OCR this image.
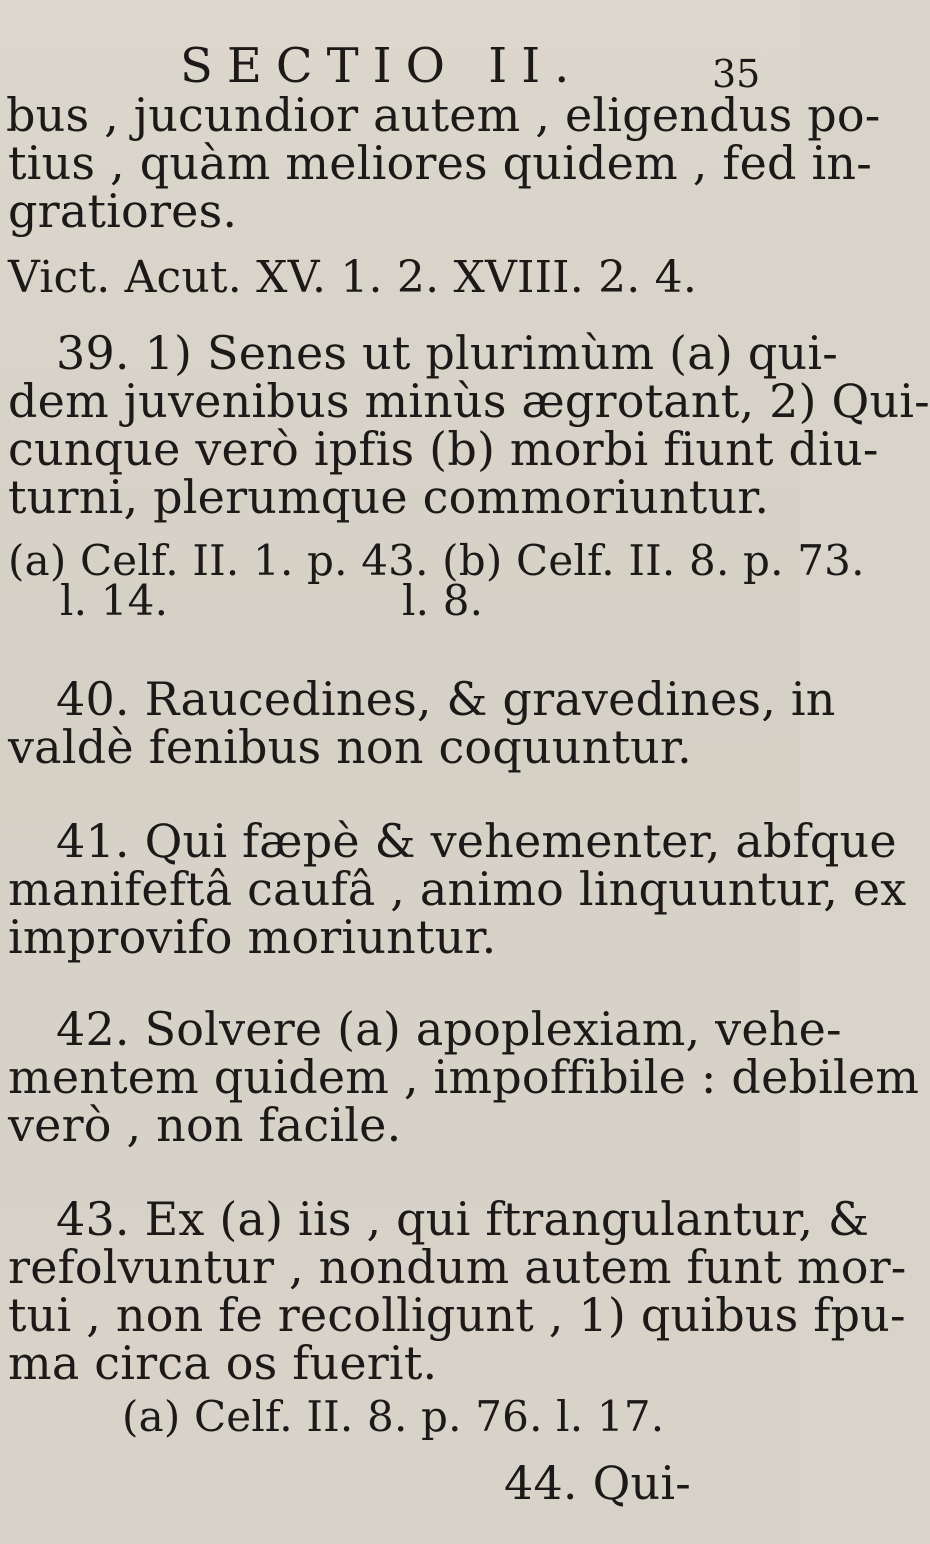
SECTIO II.	35
bus , jucundior autem , eligendus po-
tius , quàm meliores quidem , fed in-
gratiores.
Vict. Acut. XV. 1. 2. XVIII. 2. 4.
39. 1) Senes ut plurimùm (a) qui-
dem juvenibus minùs ægrotant, 2) Qui-
cunque verò ipfis (b) morbi fiunt diu-
turni, plerumque commoriuntur.
(a) Celf. II. 1. p. 43. (b) Celf. II. 8. p. 73.
l. 14.	l. 8.
40. Raucedines, & gravedines, in
valdè fenibus non coquuntur.
41. Qui fæpè & vehementer, abfque
manifeftâ caufâ , animo linquuntur, ex
improvifo moriuntur.
42. Solvere (a) apoplexiam, vehe-
mentem quidem , impoffibile : debilem
verò , non facile.
43. Ex (a) iis , qui ftrangulantur, &
refolvuntur , nondum autem funt mor-
tui , non fe recolligunt , 1) quibus fpu-
ma circa os fuerit.
(a) Celf. II. 8. p. 76. l. 17.
44. Qui-
